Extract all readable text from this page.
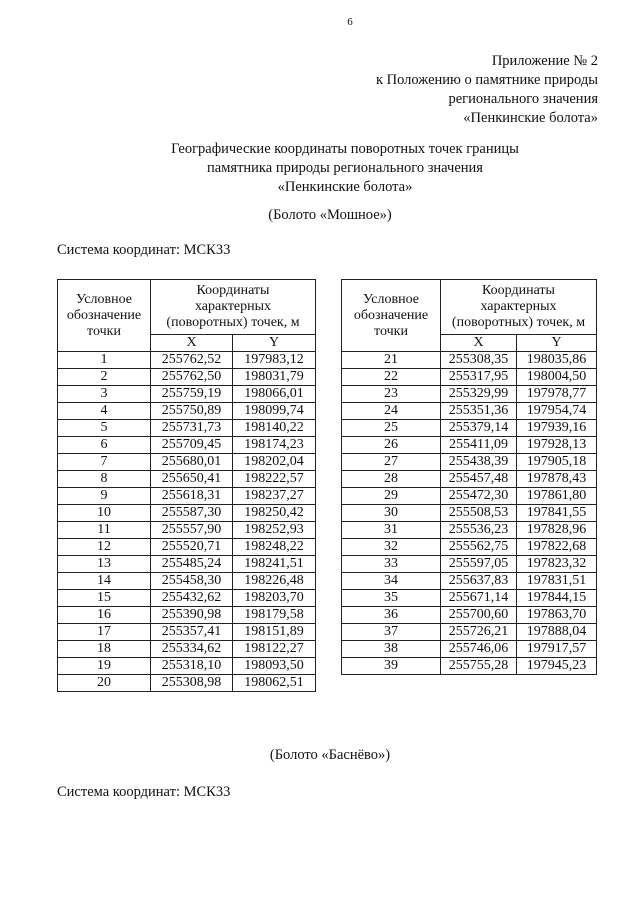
6
Приложение № 2
к Положению о памятнике природы
регионального значения
«Пенкинские болота»
Географические координаты поворотных точек границы
памятника природы регионального значения
«Пенкинские болота»
(Болото «Мошное»)
Система координат: МСК33
Условное
обозначение
точки	Координаты
характерных
(поворотных) точек, м	
	X	Y
1	255762,52	197983,12
2	255762,50	198031,79
3	255759,19	198066,01
4	255750,89	198099,74
5	255731,73	198140,22
6	255709,45	198174,23
7	255680,01	198202,04
8	255650,41	198222,57
9	255618,31	198237,27
10	255587,30	198250,42
11	255557,90	198252,93
12	255520,71	198248,22
13	255485,24	198241,51
14	255458,30	198226,48
15	255432,62	198203,70
16	255390,98	198179,58
17	255357,41	198151,89
18	255334,62	198122,27
19	255318,10	198093,50
20	255308,98	198062,51
Условное
обозначение
точки	Координаты
характерных
(поворотных) точек, м	
	X	Y
21	255308,35	198035,86
22	255317,95	198004,50
23	255329,99	197978,77
24	255351,36	197954,74
25	255379,14	197939,16
26	255411,09	197928,13
27	255438,39	197905,18
28	255457,48	197878,43
29	255472,30	197861,80
30	255508,53	197841,55
31	255536,23	197828,96
32	255562,75	197822,68
33	255597,05	197823,32
34	255637,83	197831,51
35	255671,14	197844,15
36	255700,60	197863,70
37	255726,21	197888,04
38	255746,06	197917,57
39	255755,28	197945,23
(Болото «Баснёво»)
Система координат: МСК33
